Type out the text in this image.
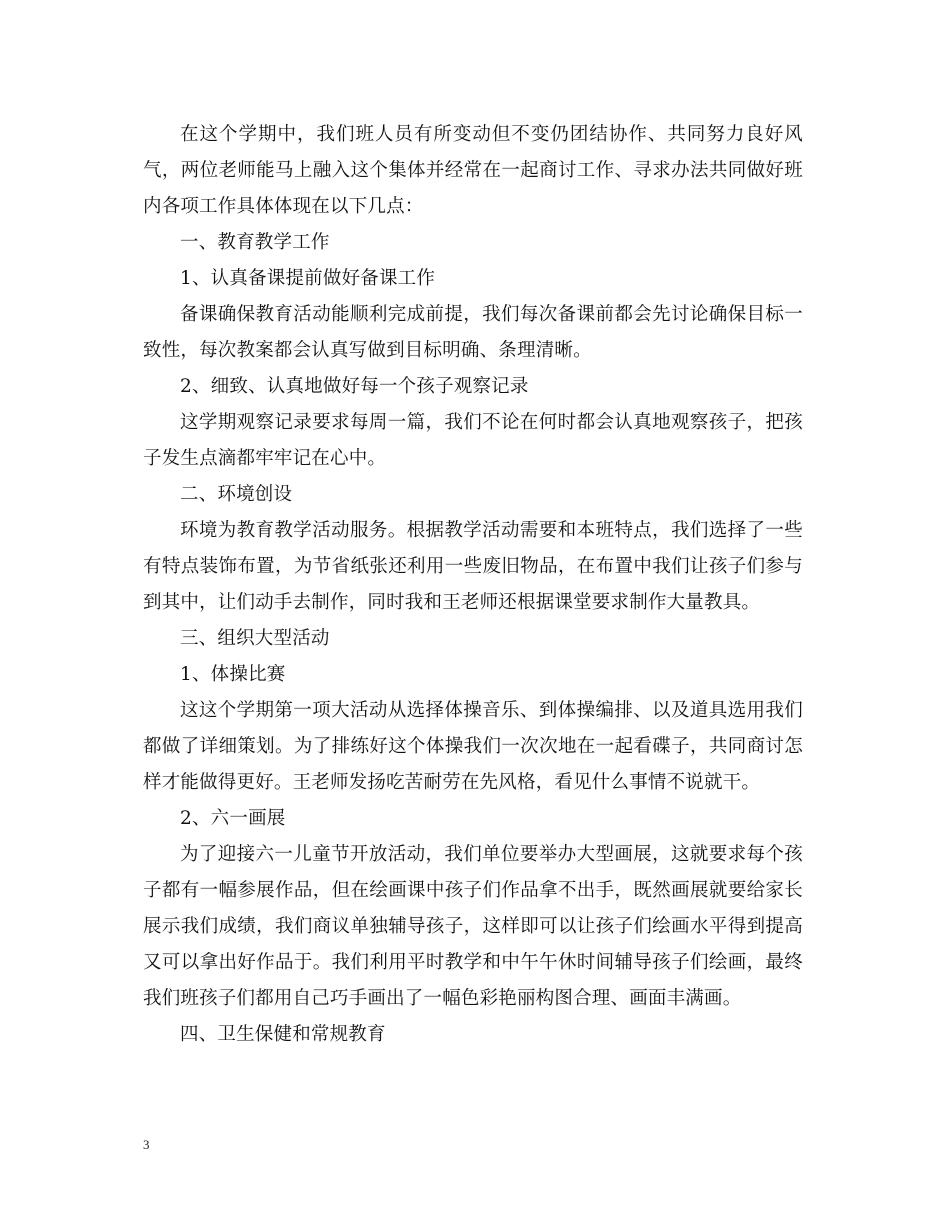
在这个学期中，我们班人员有所变动但不变仍团结协作、共同努力良好风气，两位老师能马上融入这个集体并经常在一起商讨工作、寻求办法共同做好班内各项工作具体体现在以下几点：

一、教育教学工作

1、认真备课提前做好备课工作

备课确保教育活动能顺利完成前提，我们每次备课前都会先讨论确保目标一致性，每次教案都会认真写做到目标明确、条理清晰。

2、细致、认真地做好每一个孩子观察记录

这学期观察记录要求每周一篇，我们不论在何时都会认真地观察孩子，把孩子发生点滴都牢牢记在心中。

二、环境创设

环境为教育教学活动服务。根据教学活动需要和本班特点，我们选择了一些有特点装饰布置，为节省纸张还利用一些废旧物品，在布置中我们让孩子们参与到其中，让们动手去制作，同时我和王老师还根据课堂要求制作大量教具。

三、组织大型活动

1、体操比赛

这这个学期第一项大活动从选择体操音乐、到体操编排、以及道具选用我们都做了详细策划。为了排练好这个体操我们一次次地在一起看碟子，共同商讨怎样才能做得更好。王老师发扬吃苦耐劳在先风格，看见什么事情不说就干。

2、六一画展

为了迎接六一儿童节开放活动，我们单位要举办大型画展，这就要求每个孩子都有一幅参展作品，但在绘画课中孩子们作品拿不出手，既然画展就要给家长展示我们成绩，我们商议单独辅导孩子，这样即可以让孩子们绘画水平得到提高又可以拿出好作品于。我们利用平时教学和中午午休时间辅导孩子们绘画，最终我们班孩子们都用自己巧手画出了一幅色彩艳丽构图合理、画面丰满画。

四、卫生保健和常规教育

3
